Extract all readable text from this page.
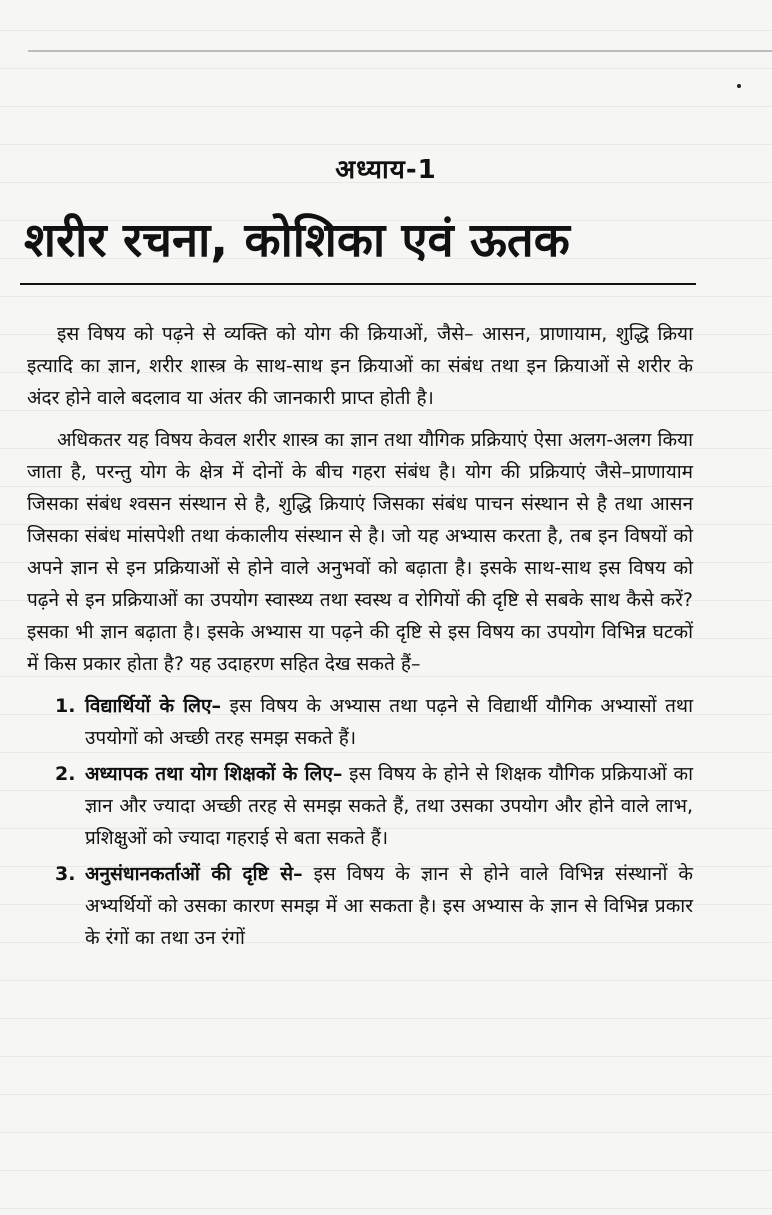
अध्याय-1
शरीर रचना, कोशिका एवं ऊतक

इस विषय को पढ़ने से व्यक्ति को योग की क्रियाओं, जैसे– आसन, प्राणायाम, शुद्धि क्रिया इत्यादि का ज्ञान, शरीर शास्त्र के साथ-साथ इन क्रियाओं का संबंध तथा इन क्रियाओं से शरीर के अंदर होने वाले बदलाव या अंतर की जानकारी प्राप्त होती है।

अधिकतर यह विषय केवल शरीर शास्त्र का ज्ञान तथा यौगिक प्रक्रियाएं ऐसा अलग-अलग किया जाता है, परन्तु योग के क्षेत्र में दोनों के बीच गहरा संबंध है। योग की प्रक्रियाएं जैसे–प्राणायाम जिसका संबंध श्वसन संस्थान से है, शुद्धि क्रियाएं जिसका संबंध पाचन संस्थान से है तथा आसन जिसका संबंध मांसपेशी तथा कंकालीय संस्थान से है। जो यह अभ्यास करता है, तब इन विषयों को अपने ज्ञान से इन प्रक्रियाओं से होने वाले अनुभवों को बढ़ाता है। इसके साथ-साथ इस विषय को पढ़ने से इन प्रक्रियाओं का उपयोग स्वास्थ्य तथा स्वस्थ व रोगियों की दृष्टि से सबके साथ कैसे करें? इसका भी ज्ञान बढ़ाता है। इसके अभ्यास या पढ़ने की दृष्टि से इस विषय का उपयोग विभिन्न घटकों में किस प्रकार होता है? यह उदाहरण सहित देख सकते हैं–

1. विद्यार्थियों के लिए– इस विषय के अभ्यास तथा पढ़ने से विद्यार्थी यौगिक अभ्यासों तथा उपयोगों को अच्छी तरह समझ सकते हैं।
2. अध्यापक तथा योग शिक्षकों के लिए– इस विषय के होने से शिक्षक यौगिक प्रक्रियाओं का ज्ञान और ज्यादा अच्छी तरह से समझ सकते हैं, तथा उसका उपयोग और होने वाले लाभ, प्रशिक्षुओं को ज्यादा गहराई से बता सकते हैं।
3. अनुसंधानकर्ताओं की दृष्टि से– इस विषय के ज्ञान से होने वाले विभिन्न संस्थानों के अभ्यर्थियों को उसका कारण समझ में आ सकता है। इस अभ्यास के ज्ञान से विभिन्न प्रकार के रंगों का तथा उन रंगों
